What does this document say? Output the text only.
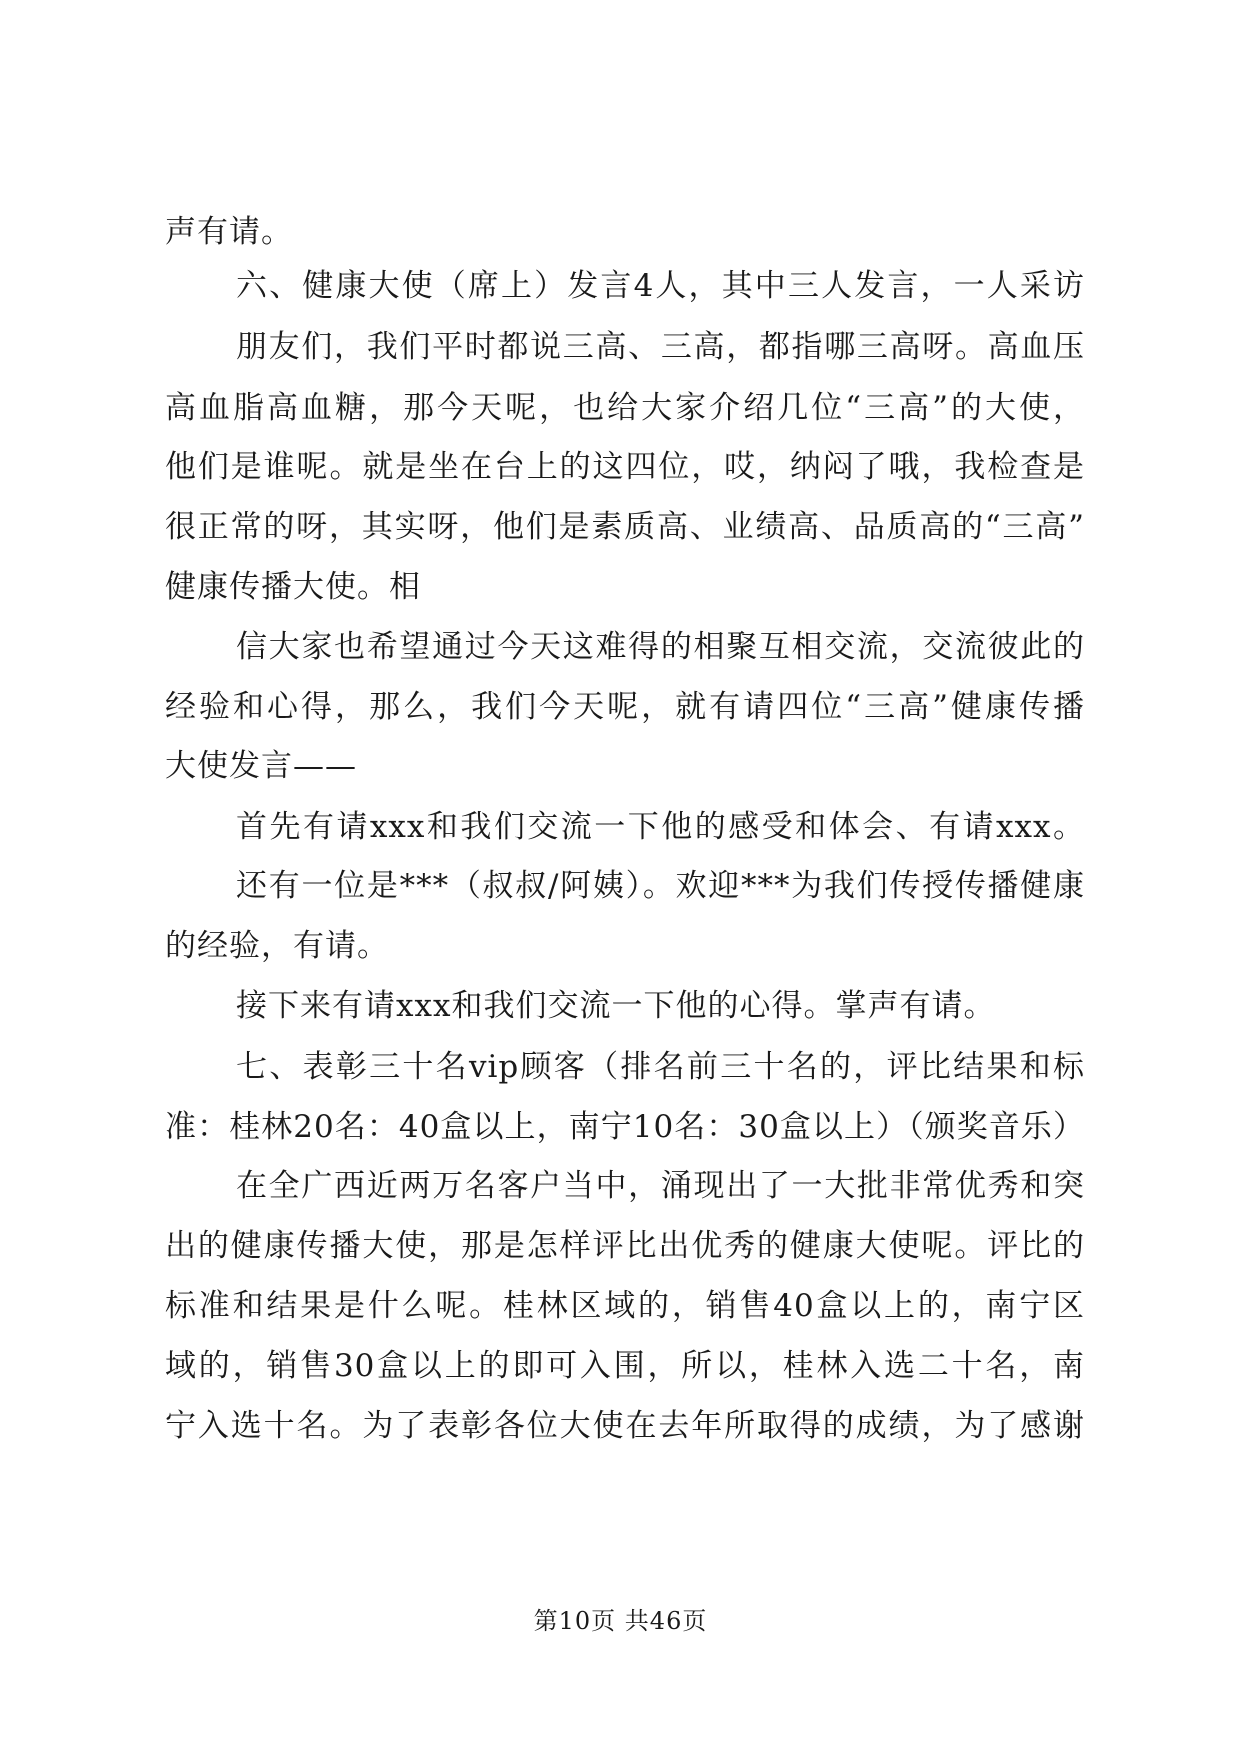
声有请。
六、健康大使（席上）发言4人，其中三人发言，一人采访
朋友们，我们平时都说三高、三高，都指哪三高呀。高血压
高血脂高血糖，那今天呢，也给大家介绍几位“三高”的大使，
他们是谁呢。就是坐在台上的这四位，哎，纳闷了哦，我检查是
很正常的呀，其实呀，他们是素质高、业绩高、品质高的“三高”
健康传播大使。相
信大家也希望通过今天这难得的相聚互相交流，交流彼此的
经验和心得，那么，我们今天呢，就有请四位“三高”健康传播
大使发言——
首先有请xxx和我们交流一下他的感受和体会、有请xxx。
还有一位是***（叔叔/阿姨）。欢迎***为我们传授传播健康
的经验，有请。
接下来有请xxx和我们交流一下他的心得。掌声有请。
七、表彰三十名vip顾客（排名前三十名的，评比结果和标
准：桂林20名：40盒以上，南宁10名：30盒以上）（颁奖音乐）
在全广西近两万名客户当中，涌现出了一大批非常优秀和突
出的健康传播大使，那是怎样评比出优秀的健康大使呢。评比的
标准和结果是什么呢。桂林区域的，销售40盒以上的，南宁区
域的，销售30盒以上的即可入围，所以，桂林入选二十名，南
宁入选十名。为了表彰各位大使在去年所取得的成绩，为了感谢
第10页 共46页
